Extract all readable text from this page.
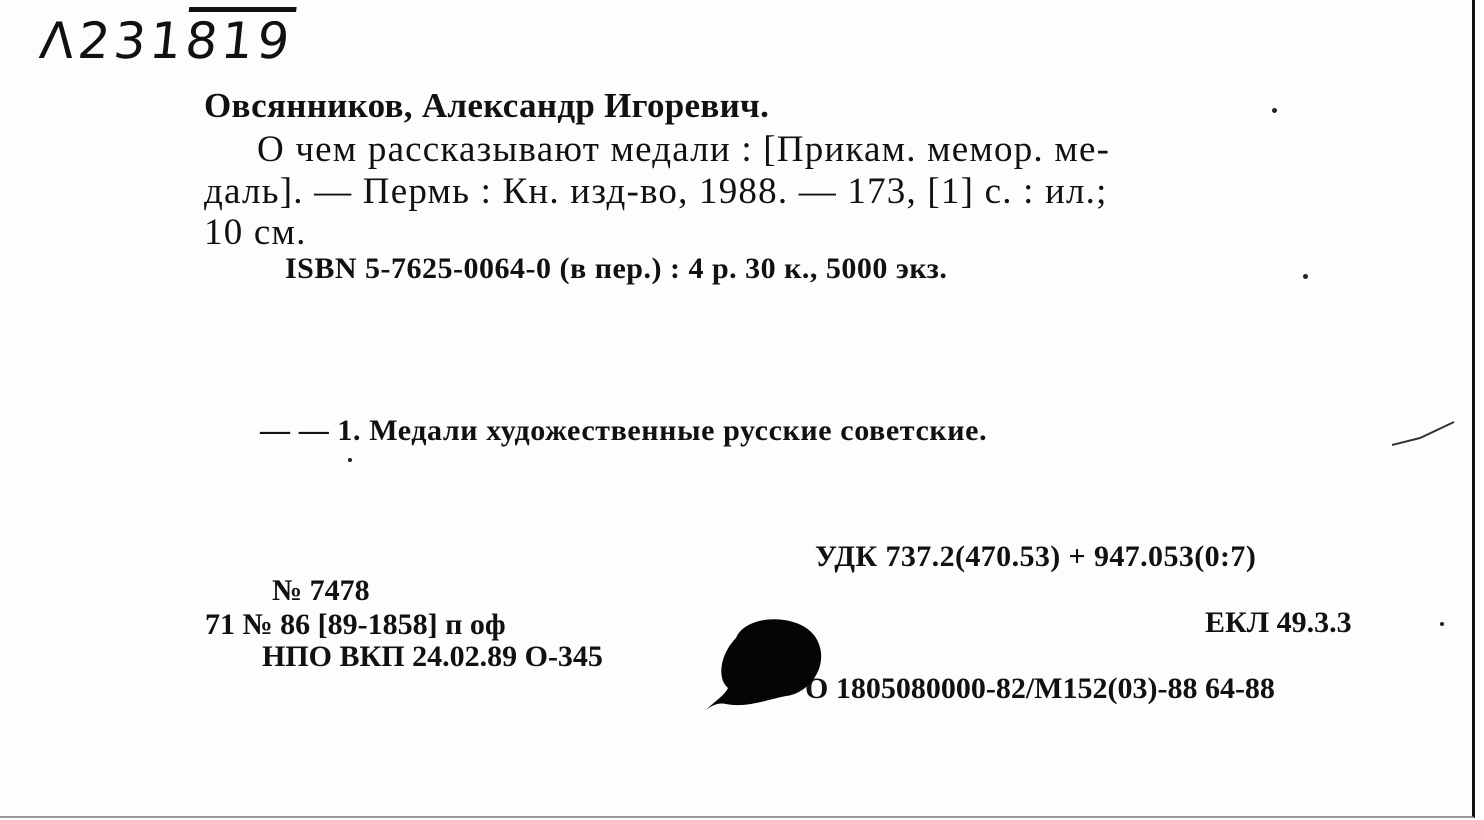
Λ231819
Овсянников, Александр Игоревич.
О чем рассказывают медали : [Прикам. мемор. ме-
даль]. — Пермь : Кн. изд-во, 1988. — 173, [1] с. : ил.;
10 см.
ISBN 5-7625-0064-0 (в пер.) : 4 р. 30 к., 5000 экз.
— — 1. Медали художественные русские советские.
УДК 737.2(470.53) + 947.053(0:7)
№ 7478
71 № 86 [89-1858] п оф
НПО ВКП 24.02.89 О-345
ЕКЛ 49.3.3
О 1805080000-82/М152(03)-88 64-88
